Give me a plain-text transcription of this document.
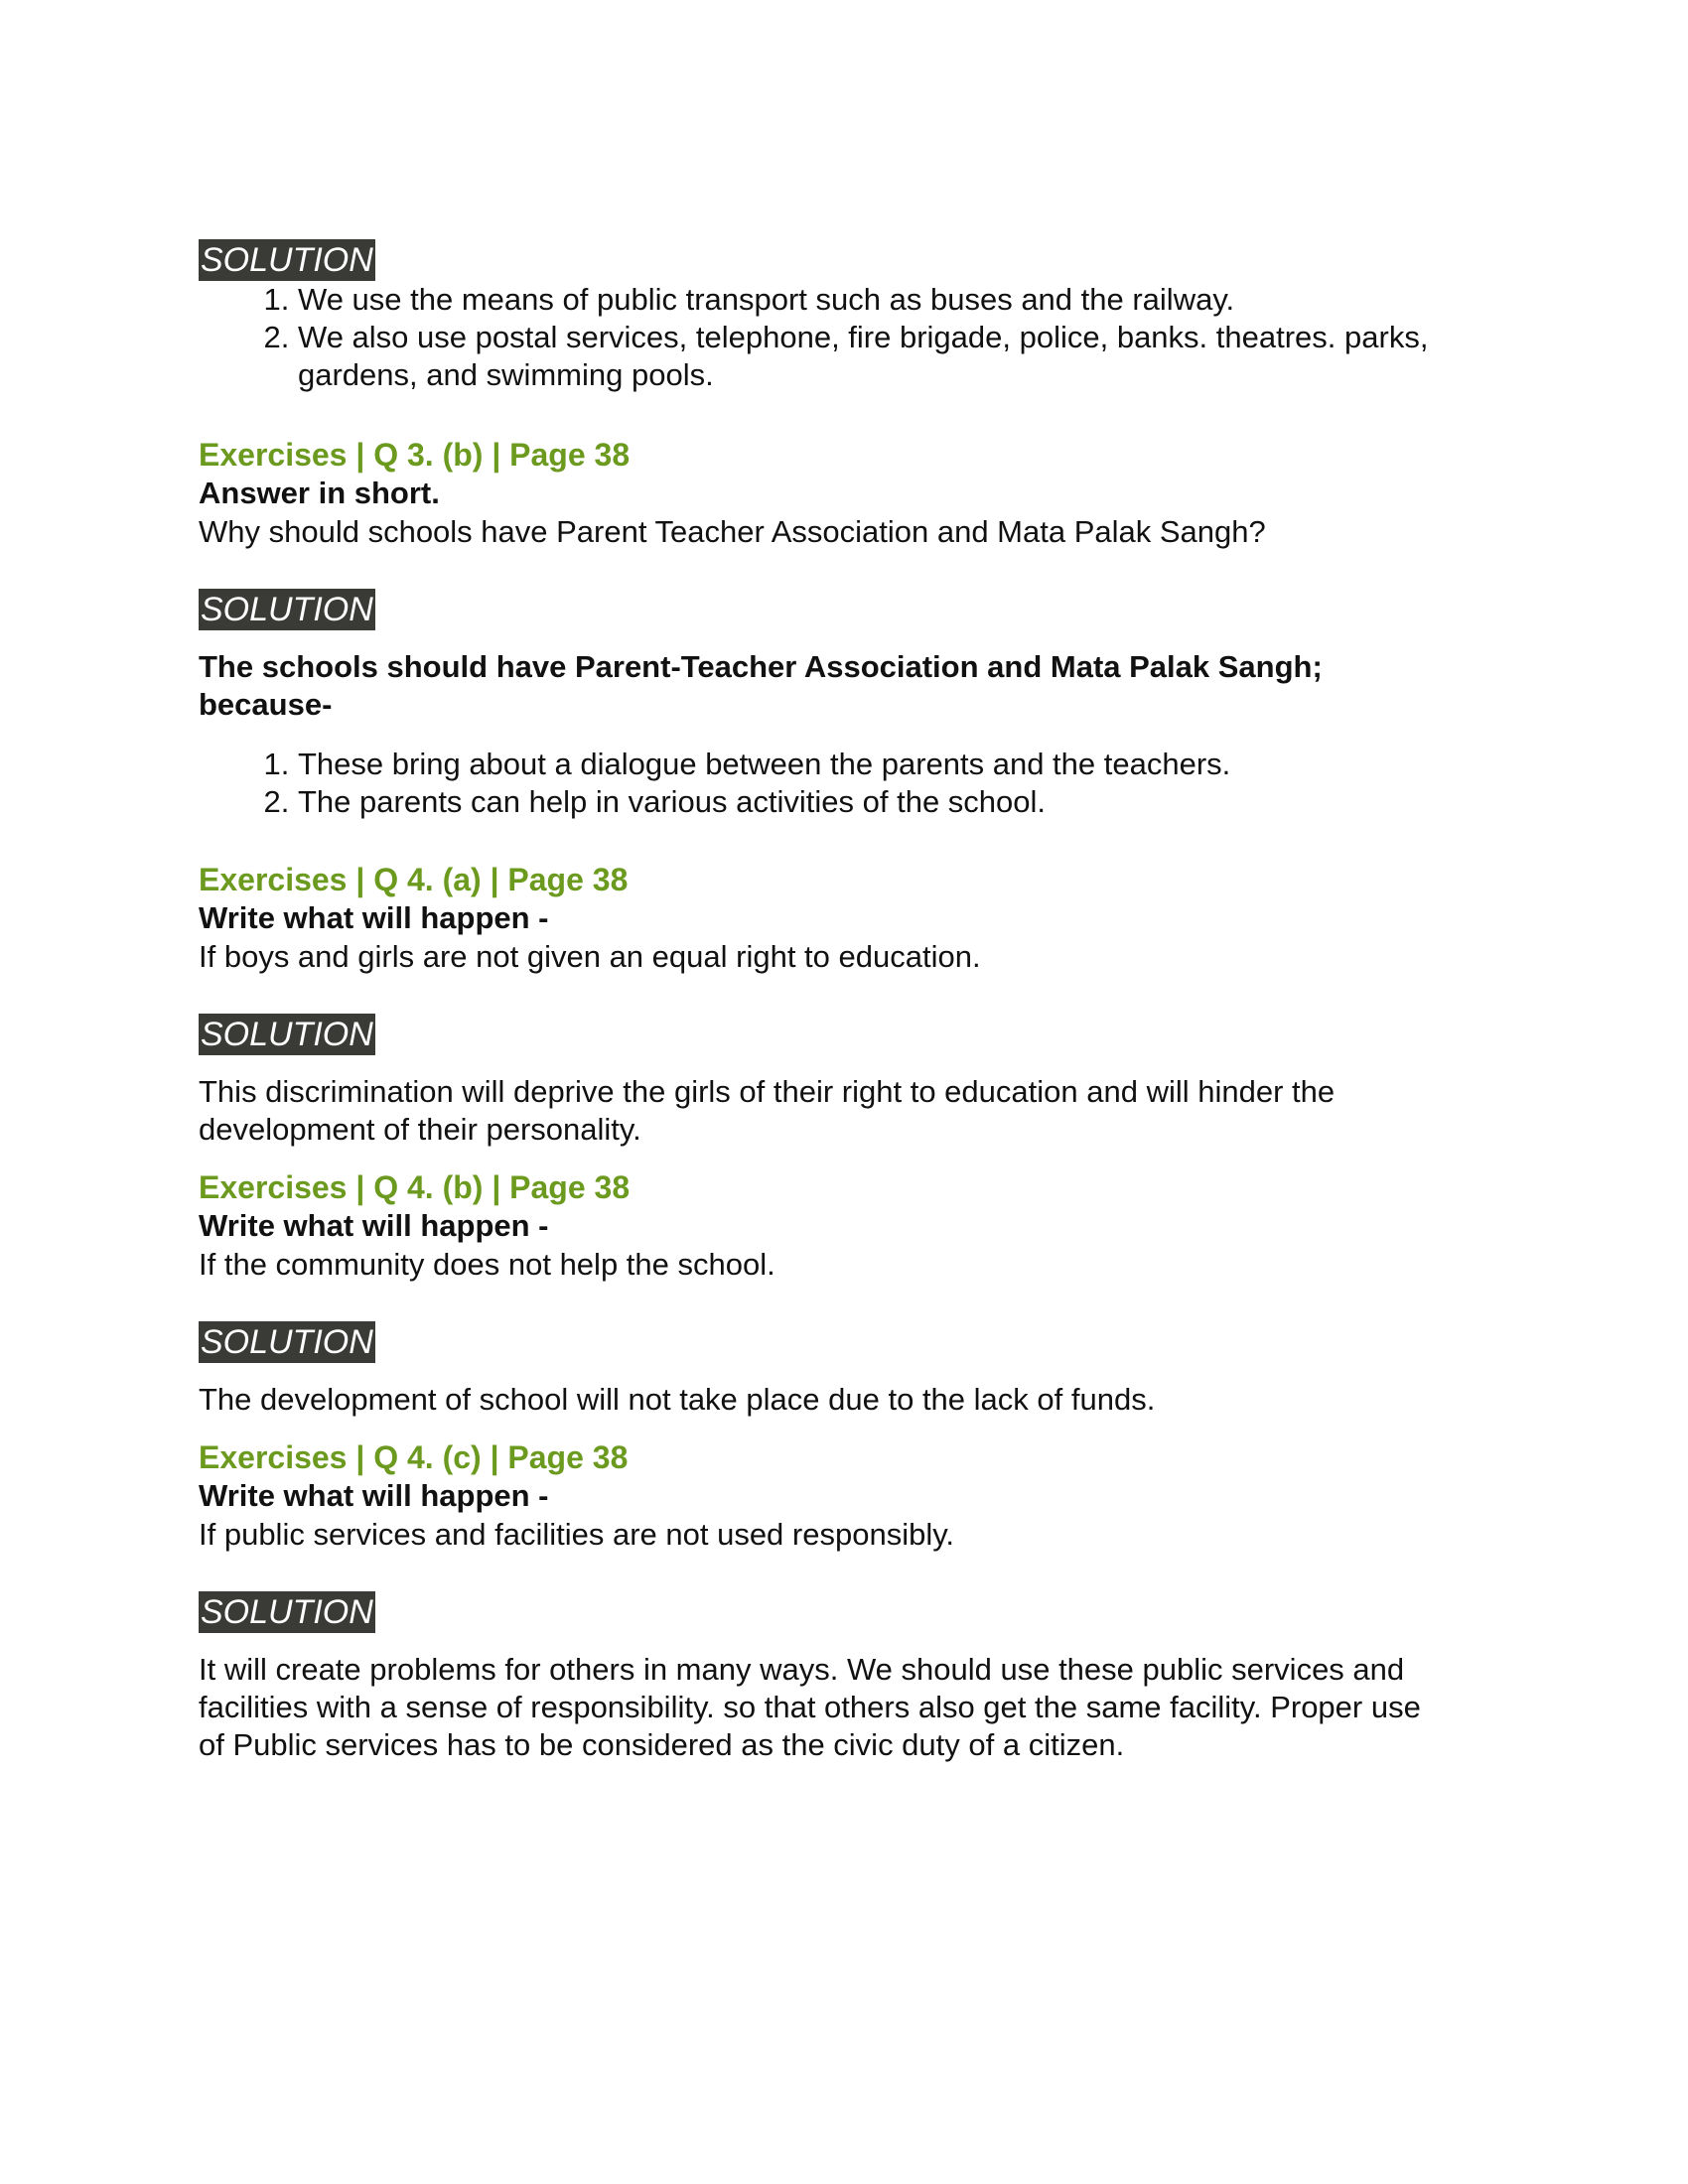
SOLUTION
1. We use the means of public transport such as buses and the railway.
2. We also use postal services, telephone, fire brigade, police, banks. theatres. parks, gardens, and swimming pools.
Exercises | Q 3. (b) | Page 38
Answer in short.
Why should schools have Parent Teacher Association and Mata Palak Sangh?
SOLUTION
The schools should have Parent-Teacher Association and Mata Palak Sangh; because-
1. These bring about a dialogue between the parents and the teachers.
2. The parents can help in various activities of the school.
Exercises | Q 4. (a) | Page 38
Write what will happen -
If boys and girls are not given an equal right to education.
SOLUTION
This discrimination will deprive the girls of their right to education and will hinder the development of their personality.
Exercises | Q 4. (b) | Page 38
Write what will happen -
If the community does not help the school.
SOLUTION
The development of school will not take place due to the lack of funds.
Exercises | Q 4. (c) | Page 38
Write what will happen -
If public services and facilities are not used responsibly.
SOLUTION
It will create problems for others in many ways. We should use these public services and facilities with a sense of responsibility. so that others also get the same facility. Proper use of Public services has to be considered as the civic duty of a citizen.
